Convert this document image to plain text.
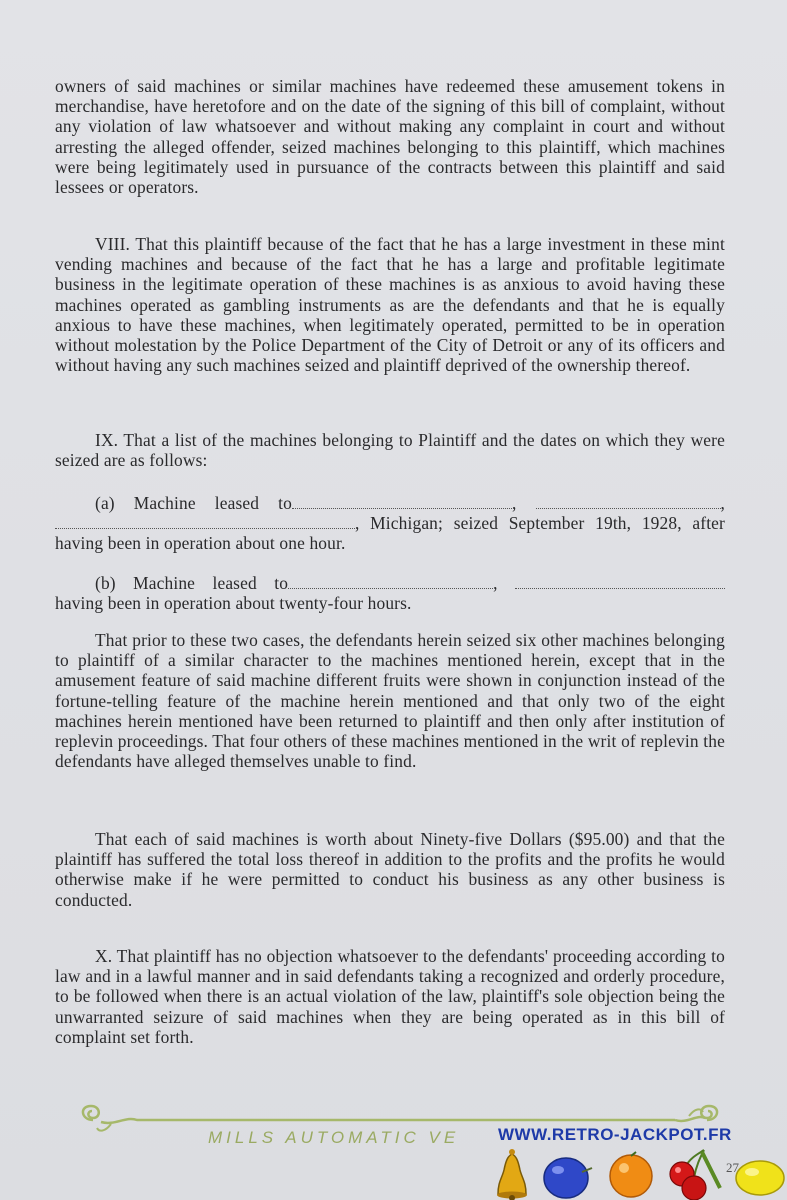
owners of said machines or similar machines have redeemed these amusement tokens in merchandise, have heretofore and on the date of the signing of this bill of complaint, without any violation of law whatsoever and without making any complaint in court and without arresting the alleged offender, seized machines belonging to this plaintiff, which machines were being legitimately used in pursuance of the contracts between this plaintiff and said lessees or operators.

VIII. That this plaintiff because of the fact that he has a large investment in these mint vending machines and because of the fact that he has a large and profitable legitimate business in the legitimate operation of these machines is as anxious to avoid having these machines operated as gambling instruments as are the defendants and that he is equally anxious to have these machines, when legitimately operated, permitted to be in operation without molestation by the Police Department of the City of Detroit or any of its officers and without having any such machines seized and plaintiff deprived of the ownership thereof.

IX. That a list of the machines belonging to Plaintiff and the dates on which they were seized are as follows:

(a) Machine leased to	,	, , Michigan; seized September 19th, 1928, after having been in operation about one hour.

(b) Machine leased to	,  having been in operation about twenty-four hours.

That prior to these two cases, the defendants herein seized six other machines belonging to plaintiff of a similar character to the machines mentioned herein, except that in the amusement feature of said machine different fruits were shown in conjunction instead of the fortune-telling feature of the machine herein mentioned and that only two of the eight machines herein mentioned have been returned to plaintiff and then only after institution of replevin proceedings. That four others of these machines mentioned in the writ of replevin the defendants have alleged themselves unable to find.

That each of said machines is worth about Ninety-five Dollars ($95.00) and that the plaintiff has suffered the total loss thereof in addition to the profits and the profits he would otherwise make if he were permitted to conduct his business as any other business is conducted.

X. That plaintiff has no objection whatsoever to the defendants' proceeding according to law and in a lawful manner and in said defendants taking a recognized and orderly procedure, to be followed when there is an actual violation of the law, plaintiff's sole objection being the unwarranted seizure of said machines when they are being operated as in this bill of complaint set forth.

MILLS AUTOMATIC VE WWW.RETRO-JACKPOT.FR
27
